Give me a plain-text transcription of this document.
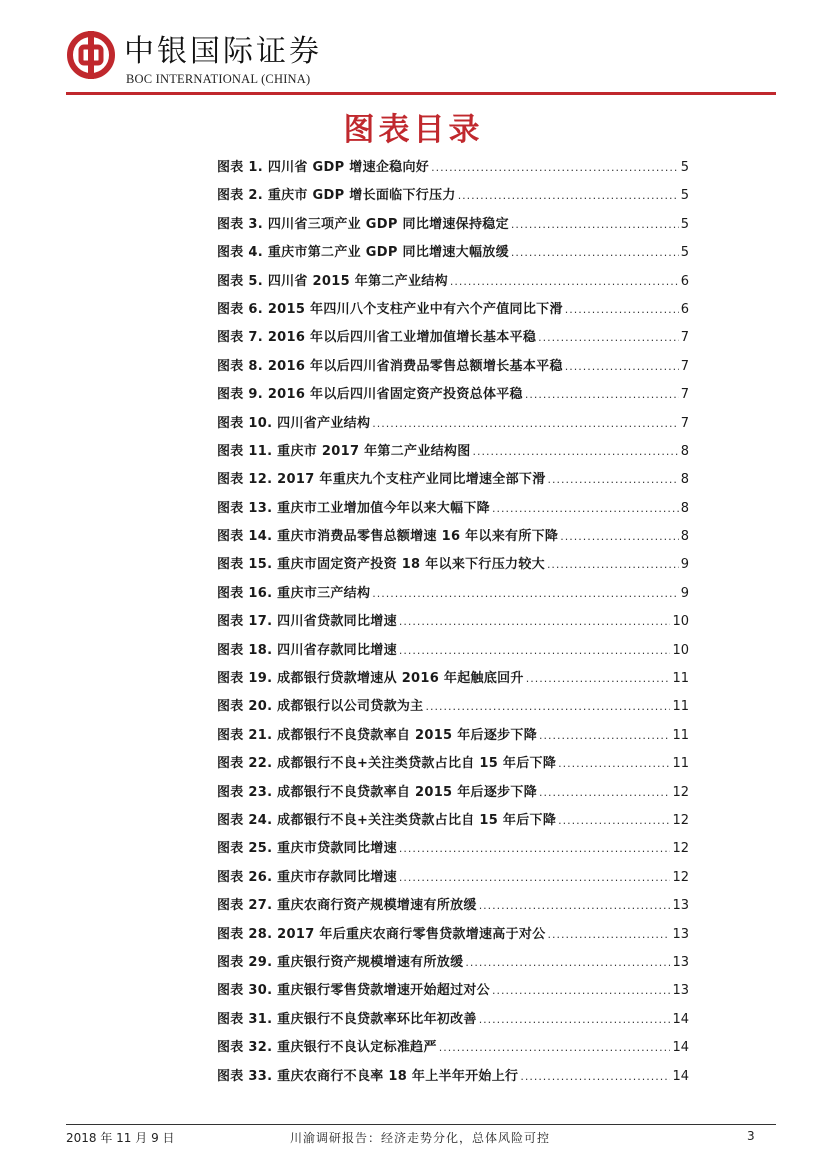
中银国际证券
BOC INTERNATIONAL (CHINA)
图表目录
图表 1. 四川省 GDP 增速企稳向好 .....	5
图表 2. 重庆市 GDP 增长面临下行压力 .....	5
图表 3. 四川省三项产业 GDP 同比增速保持稳定 .....	5
图表 4. 重庆市第二产业 GDP 同比增速大幅放缓 .....	5
图表 5. 四川省 2015 年第二产业结构 .....	6
图表 6. 2015 年四川八个支柱产业中有六个产值同比下滑 .....	6
图表 7. 2016 年以后四川省工业增加值增长基本平稳 .....	7
图表 8. 2016 年以后四川省消费品零售总额增长基本平稳 .....	7
图表 9. 2016 年以后四川省固定资产投资总体平稳 .....	7
图表 10. 四川省产业结构 .....	7
图表 11. 重庆市 2017 年第二产业结构图 .....	8
图表 12. 2017 年重庆九个支柱产业同比增速全部下滑 .....	8
图表 13. 重庆市工业增加值今年以来大幅下降 .....	8
图表 14. 重庆市消费品零售总额增速 16 年以来有所下降 .....	8
图表 15. 重庆市固定资产投资 18 年以来下行压力较大 .....	9
图表 16. 重庆市三产结构 .....	9
图表 17. 四川省贷款同比增速 .....	10
图表 18. 四川省存款同比增速 .....	10
图表 19. 成都银行贷款增速从 2016 年起触底回升 .....	11
图表 20. 成都银行以公司贷款为主 .....	11
图表 21. 成都银行不良贷款率自 2015 年后逐步下降 .....	11
图表 22. 成都银行不良+关注类贷款占比自 15 年后下降 .....	11
图表 23. 成都银行不良贷款率自 2015 年后逐步下降 .....	12
图表 24. 成都银行不良+关注类贷款占比自 15 年后下降 .....	12
图表 25. 重庆市贷款同比增速 .....	12
图表 26. 重庆市存款同比增速 .....	12
图表 27. 重庆农商行资产规模增速有所放缓 .....	13
图表 28. 2017 年后重庆农商行零售贷款增速高于对公 .....	13
图表 29. 重庆银行资产规模增速有所放缓 .....	13
图表 30. 重庆银行零售贷款增速开始超过对公 .....	13
图表 31. 重庆银行不良贷款率环比年初改善 .....	14
图表 32. 重庆银行不良认定标准趋严 .....	14
图表 33. 重庆农商行不良率 18 年上半年开始上行 .....	14
2018 年 11 月 9 日	川渝调研报告：经济走势分化，总体风险可控	3
